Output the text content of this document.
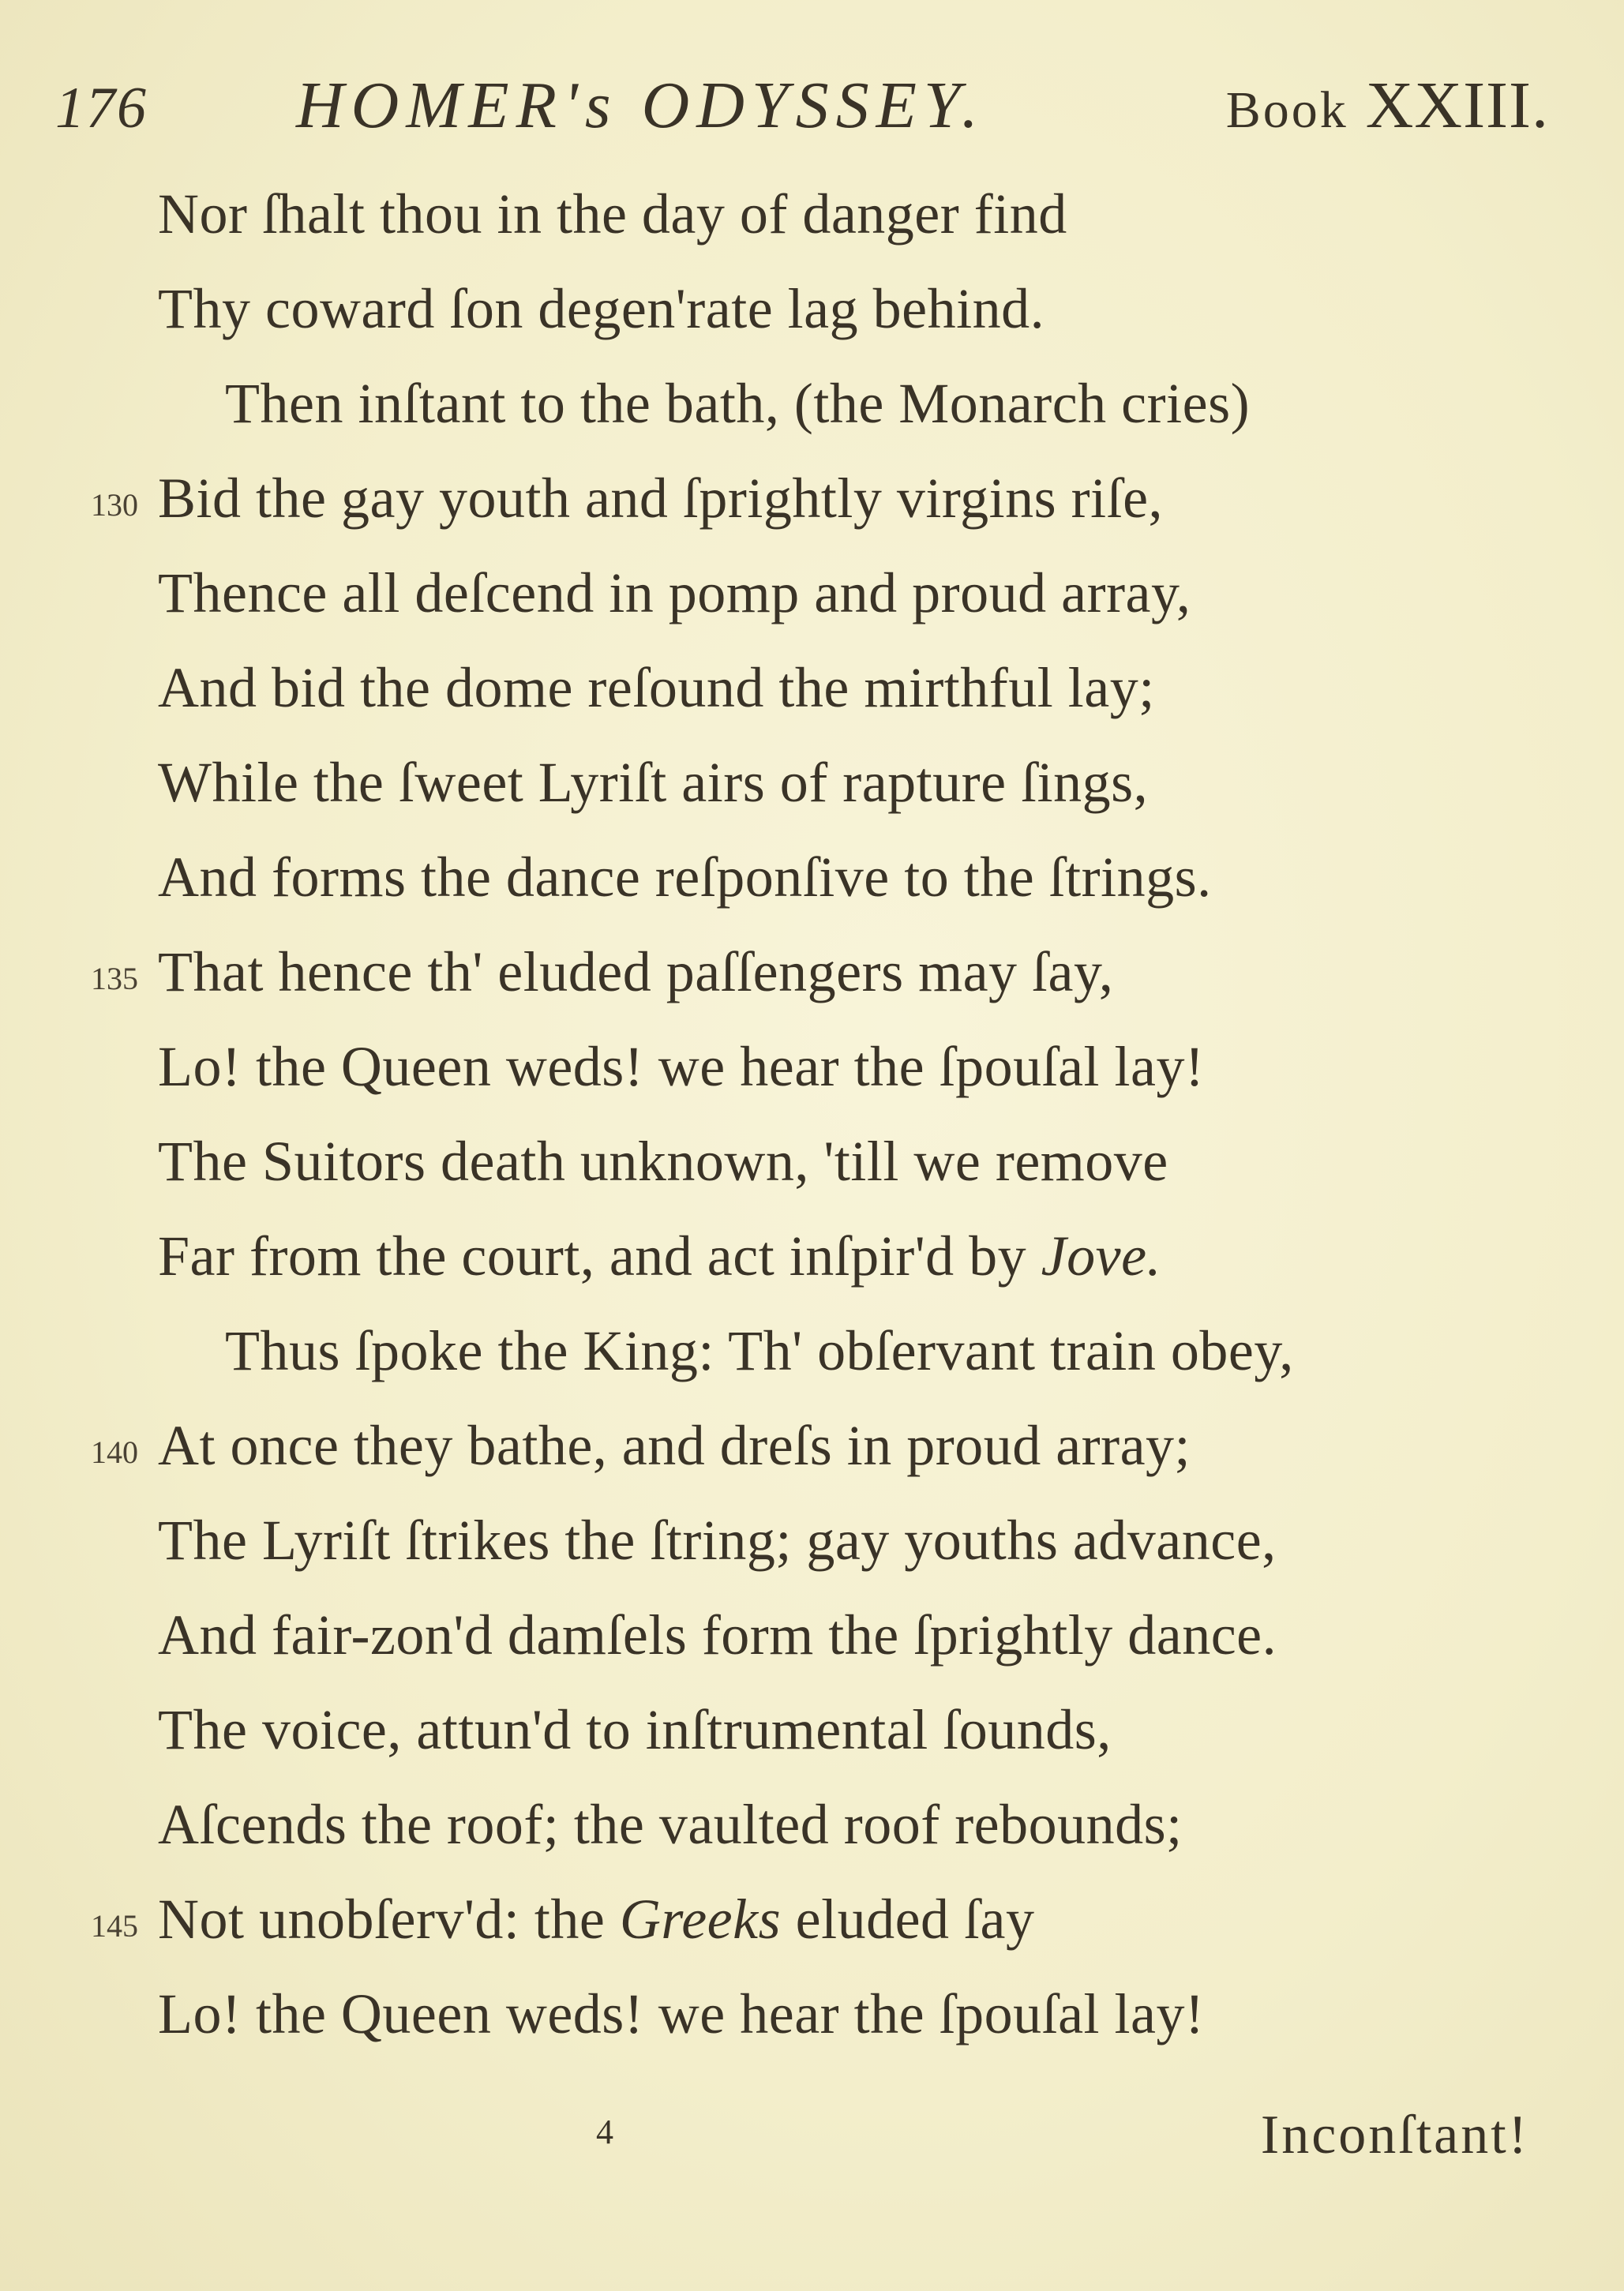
176 HOMER's ODYSSEY.	Book XXIII.
Nor ſhalt thou in the day of danger find
Thy coward ſon degen'rate lag behind.
Then inſtant to the bath, (the Monarch cries)
130 Bid the gay youth and ſprightly virgins riſe,
Thence all deſcend in pomp and proud array,
And bid the dome reſound the mirthful lay;
While the ſweet Lyriſt airs of rapture ſings,
And forms the dance reſponſive to the ſtrings.
135 That hence th' eluded paſſengers may ſay,
Lo! the Queen weds! we hear the ſpouſal lay!
The Suitors death unknown, 'till we remove
Far from the court, and act inſpir'd by Jove.
Thus ſpoke the King: Th' obſervant train obey,
140 At once they bathe, and dreſs in proud array;
The Lyriſt ſtrikes the ſtring; gay youths advance,
And fair-zon'd damſels form the ſprightly dance.
The voice, attun'd to inſtrumental ſounds,
Aſcends the roof; the vaulted roof rebounds;
145 Not unobſerv'd: the Greeks eluded ſay
Lo! the Queen weds! we hear the ſpouſal lay!
4	Inconſtant!
